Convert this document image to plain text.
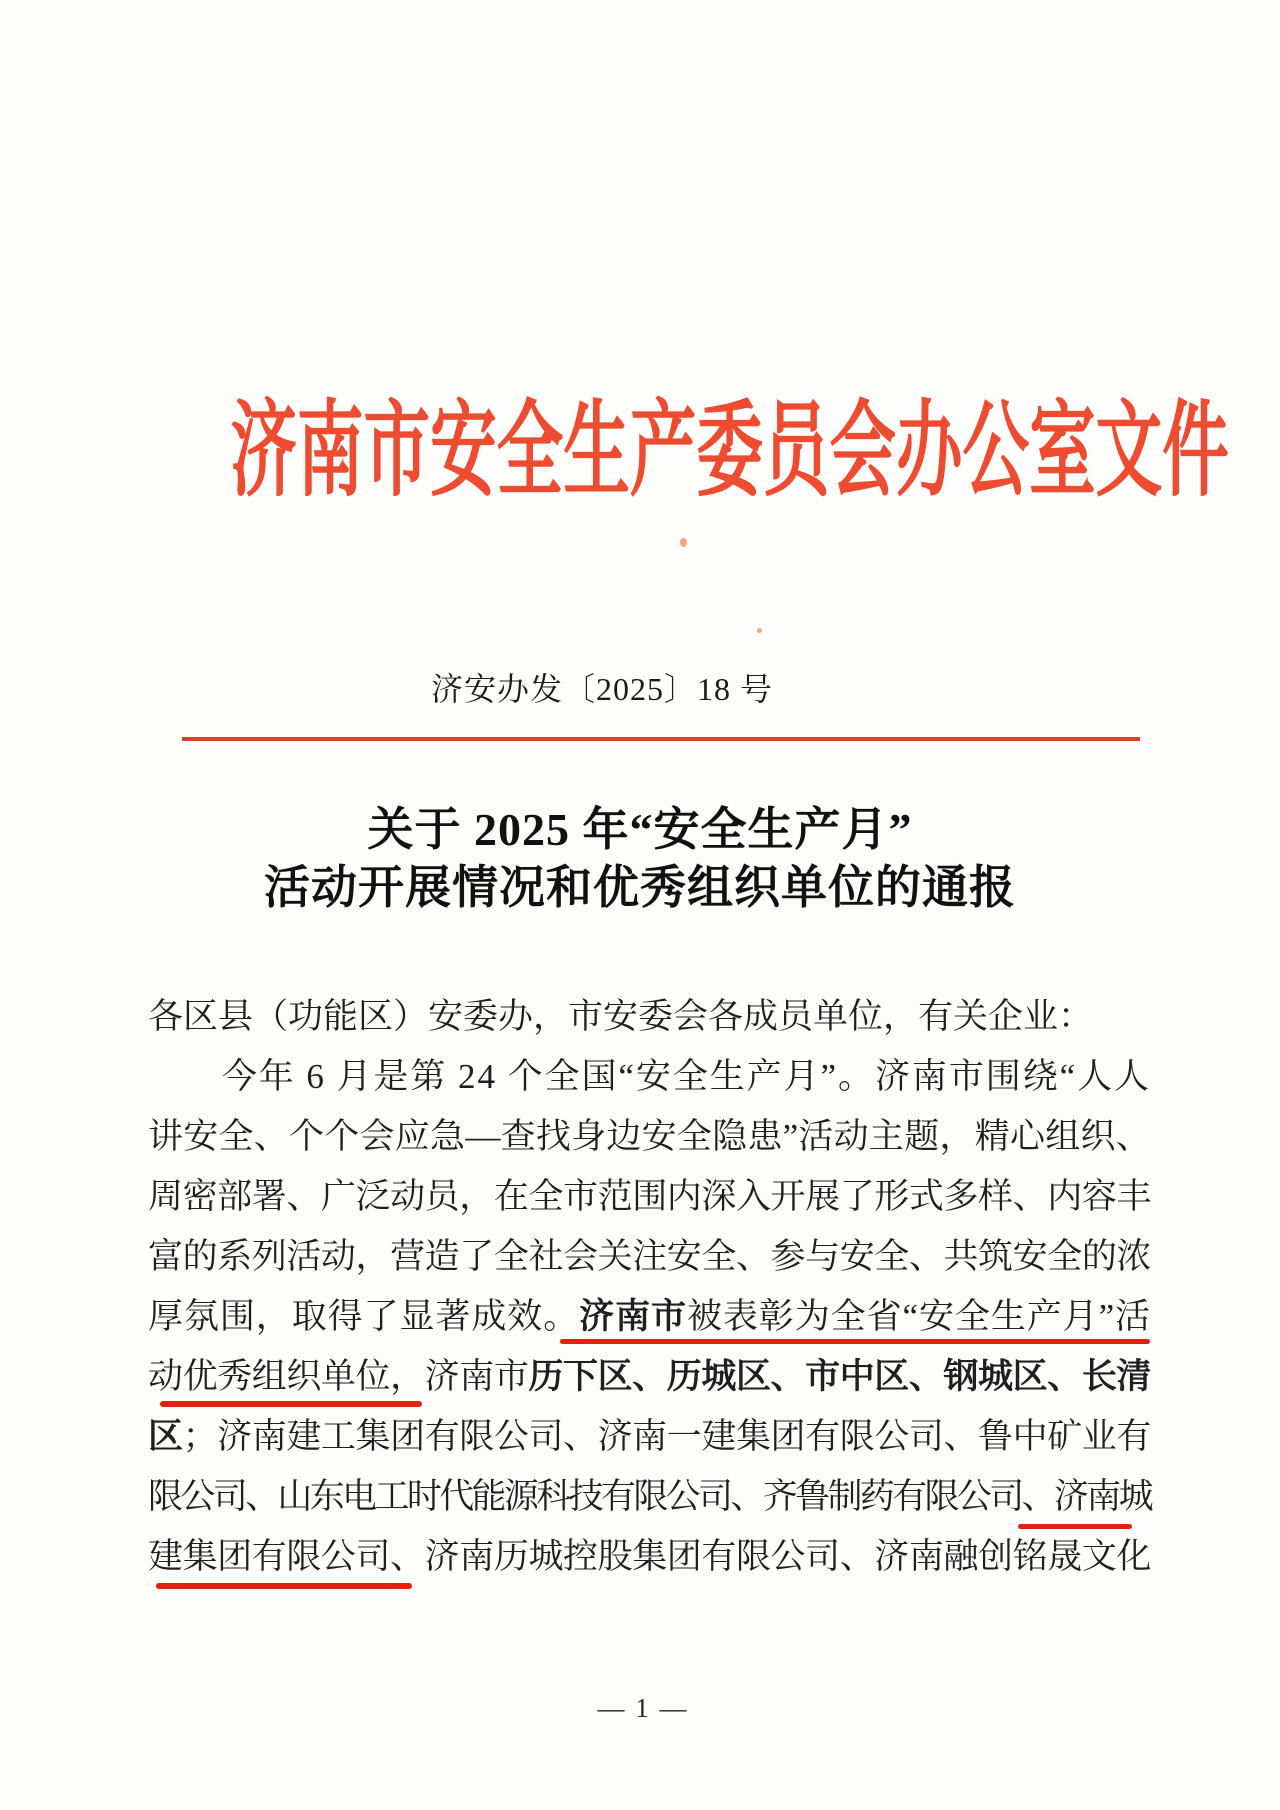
济南市安全生产委员会办公室文件
济安办发〔2025〕18 号
关于 2025 年“安全生产月”
活动开展情况和优秀组织单位的通报
各区县（功能区）安委办，市安委会各成员单位，有关企业：
　　今年 6 月是第 24 个全国“安全生产月”。济南市围绕“人人
讲安全、个个会应急—查找身边安全隐患”活动主题，精心组织、
周密部署、广泛动员，在全市范围内深入开展了形式多样、内容丰
富的系列活动，营造了全社会关注安全、参与安全、共筑安全的浓
厚氛围，取得了显著成效。济南市被表彰为全省“安全生产月”活
动优秀组织单位，济南市历下区、历城区、市中区、钢城区、长清
区；济南建工集团有限公司、济南一建集团有限公司、鲁中矿业有
限公司、山东电工时代能源科技有限公司、齐鲁制药有限公司、济南城
建集团有限公司、济南历城控股集团有限公司、济南融创铭晟文化
— 1 —
